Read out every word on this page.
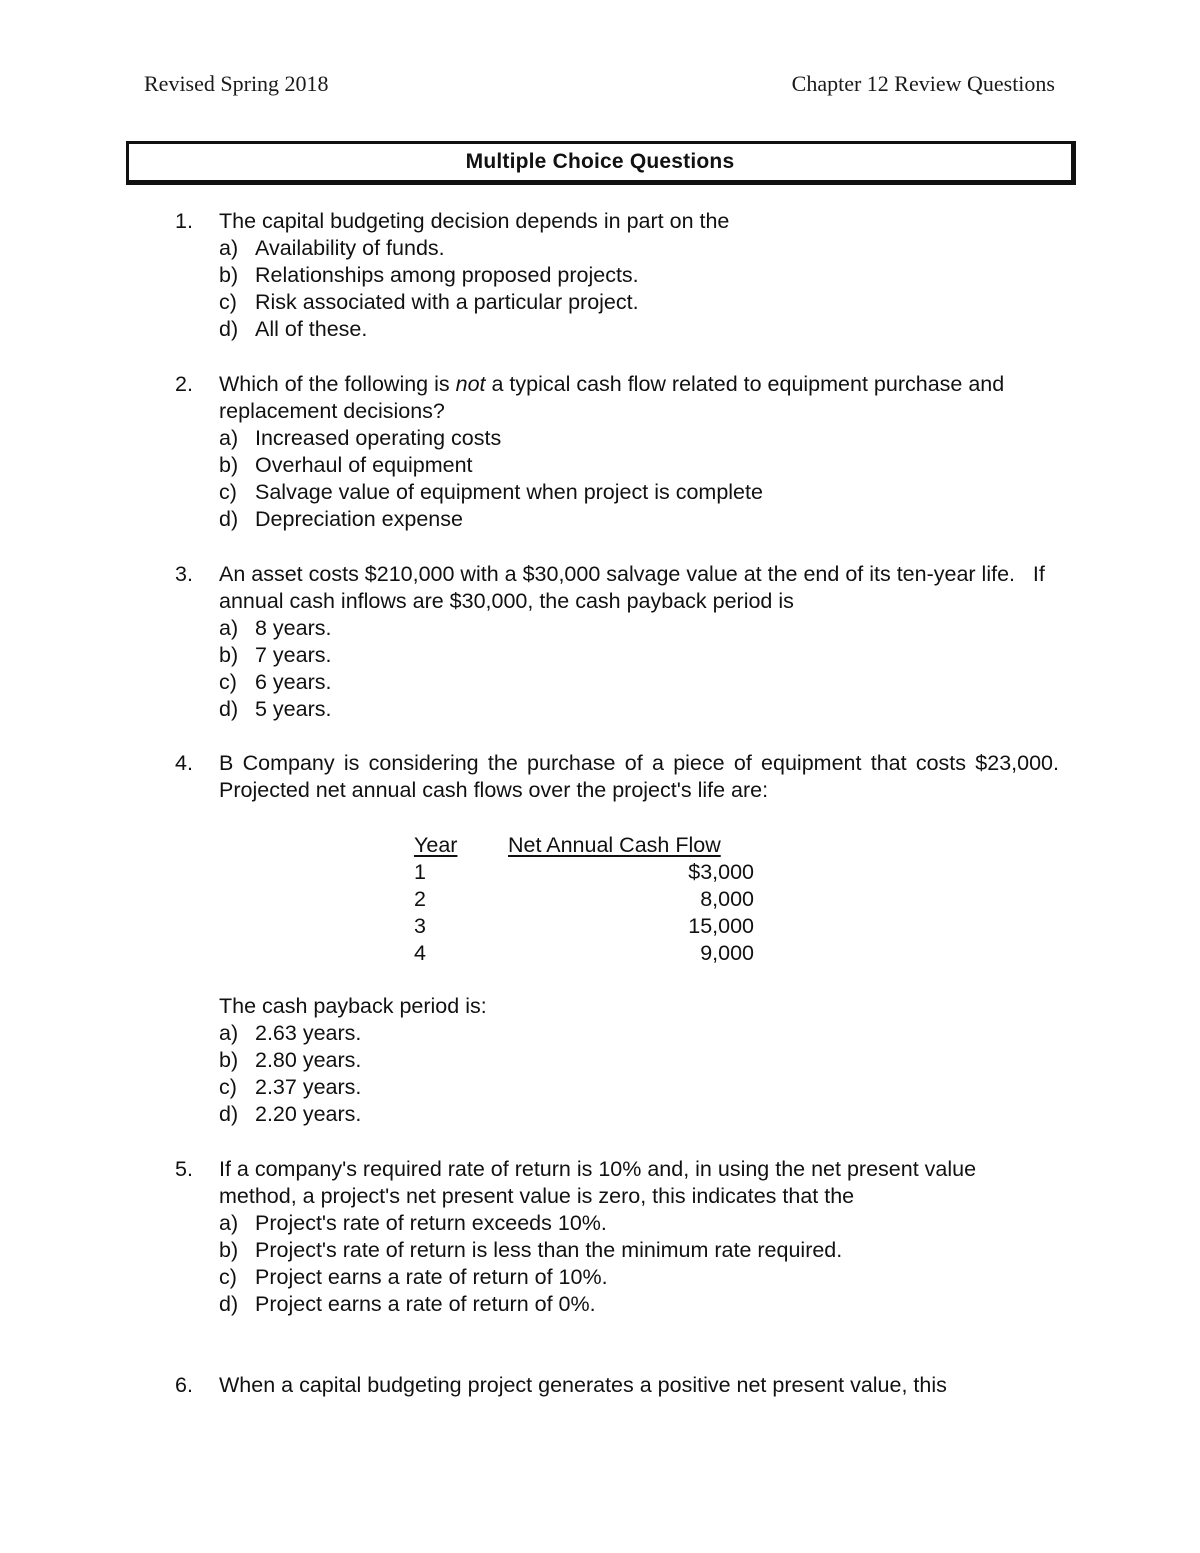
Revised Spring 2018	Chapter 12 Review Questions
Multiple Choice Questions
1. The capital budgeting decision depends in part on the

a) Availability of funds.
b) Relationships among proposed projects.
c) Risk associated with a particular project.
d) All of these.
2. Which of the following is not a typical cash flow related to equipment purchase and replacement decisions?

a) Increased operating costs
b) Overhaul of equipment
c) Salvage value of equipment when project is complete
d) Depreciation expense
3. An asset costs $210,000 with a $30,000 salvage value at the end of its ten-year life.   If annual cash inflows are $30,000, the cash payback period is

a) 8 years.
b) 7 years.
c) 6 years.
d) 5 years.
4. B Company is considering the purchase of a piece of equipment that costs $23,000. Projected net annual cash flows over the project's life are:

Year Net Annual Cash Flow
1	$3,000
2	8,000
3	15,000
4	9,000

The cash payback period is:

a) 2.63 years.
b) 2.80 years.
c) 2.37 years.
d) 2.20 years.
5. If a company's required rate of return is 10% and, in using the net present value method, a project's net present value is zero, this indicates that the

a) Project's rate of return exceeds 10%.
b) Project's rate of return is less than the minimum rate required.
c) Project earns a rate of return of 10%.
d) Project earns a rate of return of 0%.
6. When a capital budgeting project generates a positive net present value, this
